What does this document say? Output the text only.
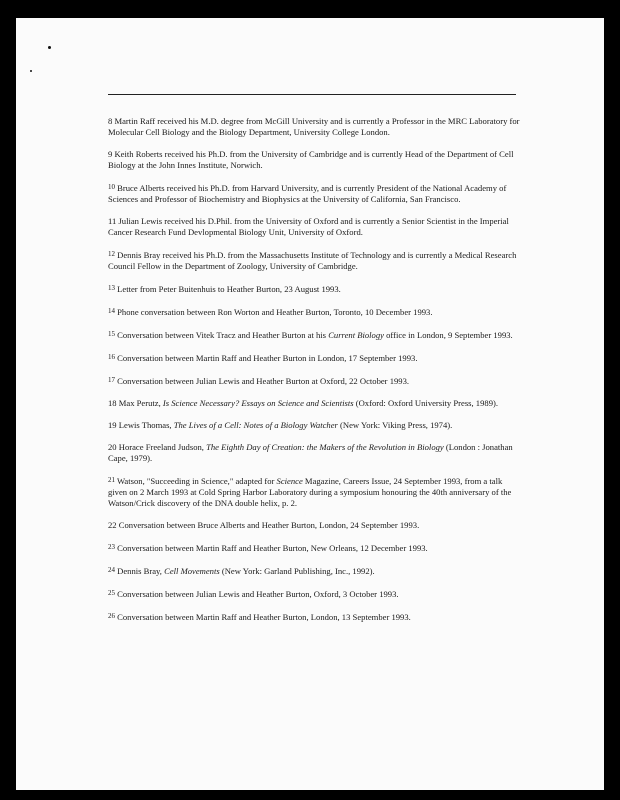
8 Martin Raff received his M.D. degree from McGill University and is currently a Professor in the MRC Laboratory for Molecular Cell Biology and the Biology Department, University College London.

9 Keith Roberts received his Ph.D. from the University of Cambridge and is currently Head of the Department of Cell Biology at the John Innes Institute, Norwich.

$^{10}$ Bruce Alberts received his Ph.D. from Harvard University, and is currently President of the National Academy of Sciences and Professor of Biochemistry and Biophysics at the University of California, San Francisco.

11 Julian Lewis received his D.Phil. from the University of Oxford and is currently a Senior Scientist in the Imperial Cancer Research Fund Devlopmental Biology Unit, University of Oxford.

$^{12}$ Dennis Bray received his Ph.D. from the Massachusetts Institute of Technology and is currently a Medical Research Council Fellow in the Department of Zoology, University of Cambridge.

$^{13}$ Letter from Peter Buitenhuis to Heather Burton, 23 August 1993.

$^{14}$ Phone conversation between Ron Worton and Heather Burton, Toronto, 10 December 1993.

$^{15}$ Conversation between Vitek Tracz and Heather Burton at his Current Biology office in London, 9 September 1993.

$^{16}$ Conversation between Martin Raff and Heather Burton in London, 17 September 1993.

$^{17}$ Conversation between Julian Lewis and Heather Burton at Oxford, 22 October 1993.

18 Max Perutz, Is Science Necessary? Essays on Science and Scientists (Oxford: Oxford University Press, 1989).

19 Lewis Thomas, The Lives of a Cell: Notes of a Biology Watcher (New York: Viking Press, 1974).

20 Horace Freeland Judson, The Eighth Day of Creation: the Makers of the Revolution in Biology (London : Jonathan Cape, 1979).

$^{21}$ Watson, "Succeeding in Science," adapted for Science Magazine, Careers Issue, 24 September 1993, from a talk given on 2 March 1993 at Cold Spring Harbor Laboratory during a symposium honouring the 40th anniversary of the Watson/Crick discovery of the DNA double helix, p. 2.

22 Conversation between Bruce Alberts and Heather Burton, London, 24 September 1993.

$^{23}$ Conversation between Martin Raff and Heather Burton, New Orleans, 12 December 1993.

$^{24}$ Dennis Bray, Cell Movements (New York: Garland Publishing, Inc., 1992).

$^{25}$ Conversation between Julian Lewis and Heather Burton, Oxford, 3 October 1993.

$^{26}$ Conversation between Martin Raff and Heather Burton, London, 13 September 1993.
